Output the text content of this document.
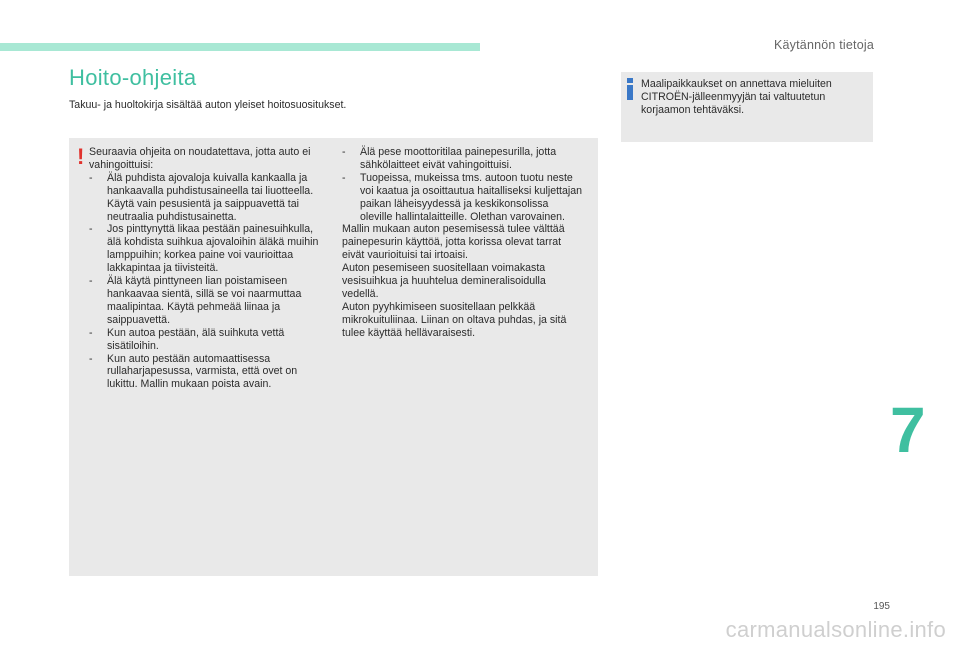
Käytännön tietoja
Hoito-ohjeita
Takuu- ja huoltokirja sisältää auton yleiset hoitosuositukset.
! Seuraavia ohjeita on noudatettava, jotta auto ei vahingoittuisi:

- Älä puhdista ajovaloja kuivalla kankaalla ja hankaavalla puhdistusaineella tai liuotteella. Käytä vain pesusientä ja saippuavettä tai neutraalia puhdistusainetta.
- Jos pinttynyttä likaa pestään painesuihkulla, älä kohdista suihkua ajovaloihin äläkä muihin lamppuihin; korkea paine voi vaurioittaa lakkapintaa ja tiivisteitä.
- Älä käytä pinttyneen lian poistamiseen hankaavaa sientä, sillä se voi naarmuttaa maalipintaa. Käytä pehmeää liinaa ja saippuavettä.
- Kun autoa pestään, älä suihkuta vettä sisätiloihin.
- Kun auto pestään automaattisessa rullaharjapesussa, varmista, että ovet on lukittu. Mallin mukaan poista avain.
- Älä pese moottoritilaa painepesurilla, jotta sähkölaitteet eivät vahingoittuisi.
- Tuopeissa, mukeissa tms. autoon tuotu neste voi kaatua ja osoittautua haitalliseksi kuljettajan paikan läheisyydessä ja keskikonsolissa oleville hallintalaitteille. Olethan varovainen.

Mallin mukaan auton pesemisessä tulee välttää painepesurin käyttöä, jotta korissa olevat tarrat eivät vaurioituisi tai irtoaisi.

Auton pesemiseen suositellaan voimakasta vesisuihkua ja huuhtelua demineralisoidulla vedellä.

Auton pyyhkimiseen suositellaan pelkkää mikrokuituliinaa. Liinan on oltava puhdas, ja sitä tulee käyttää hellävaraisesti.

Maalipaikkaukset on annettava mieluiten CITROËN-jälleenmyyjän tai valtuutetun korjaamon tehtäväksi.
7
195
carmanualsonline.info
